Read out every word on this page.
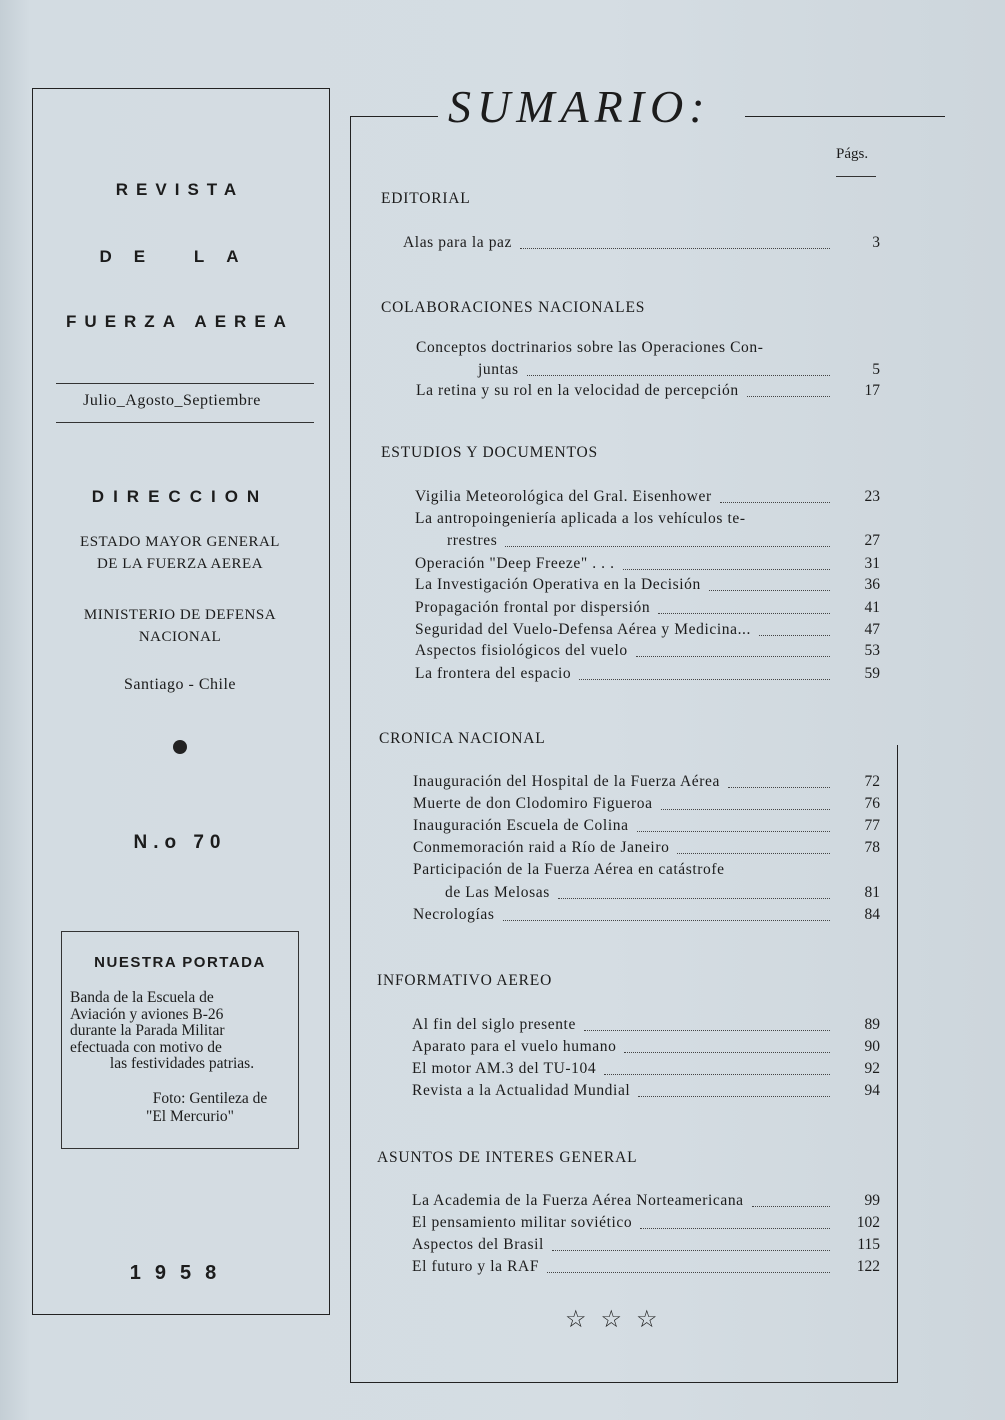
REVISTA
DE LA
FUERZA AEREA
Julio_Agosto_Septiembre
DIRECCION
ESTADO MAYOR GENERAL
DE LA FUERZA AEREA
MINISTERIO DE DEFENSA
NACIONAL
Santiago - Chile
N.o 70
NUESTRA PORTADA
Banda de la Escuela de
Aviación y aviones B-26
durante la Parada Militar
efectuada con motivo de
las festividades patrias.
Foto: Gentileza de
"El Mercurio"
1958
SUMARIO:
Págs.
EDITORIAL
Alas para la paz	3
COLABORACIONES NACIONALES
Conceptos doctrinarios sobre las Operaciones Con-
juntas	5
La retina y su rol en la velocidad de percepción	17
ESTUDIOS Y DOCUMENTOS
Vigilia Meteorológica del Gral. Eisenhower	23
La antropoingeniería aplicada a los vehículos te-
rrestres	27
Operación "Deep Freeze" . . .	31
La Investigación Operativa en la Decisión	36
Propagación frontal por dispersión	41
Seguridad del Vuelo-Defensa Aérea y Medicina...	47
Aspectos fisiológicos del vuelo	53
La frontera del espacio	59
CRONICA NACIONAL
Inauguración del Hospital de la Fuerza Aérea	72
Muerte de don Clodomiro Figueroa	76
Inauguración Escuela de Colina	77
Conmemoración raid a Río de Janeiro	78
Participación de la Fuerza Aérea en catástrofe
de Las Melosas	81
Necrologías	84
INFORMATIVO AEREO
Al fin del siglo presente	89
Aparato para el vuelo humano	90
El motor AM.3 del TU-104	92
Revista a la Actualidad Mundial	94
ASUNTOS DE INTERES GENERAL
La Academia de la Fuerza Aérea Norteamericana	99
El pensamiento militar soviético	102
Aspectos del Brasil	115
El futuro y la RAF	122
☆☆☆
